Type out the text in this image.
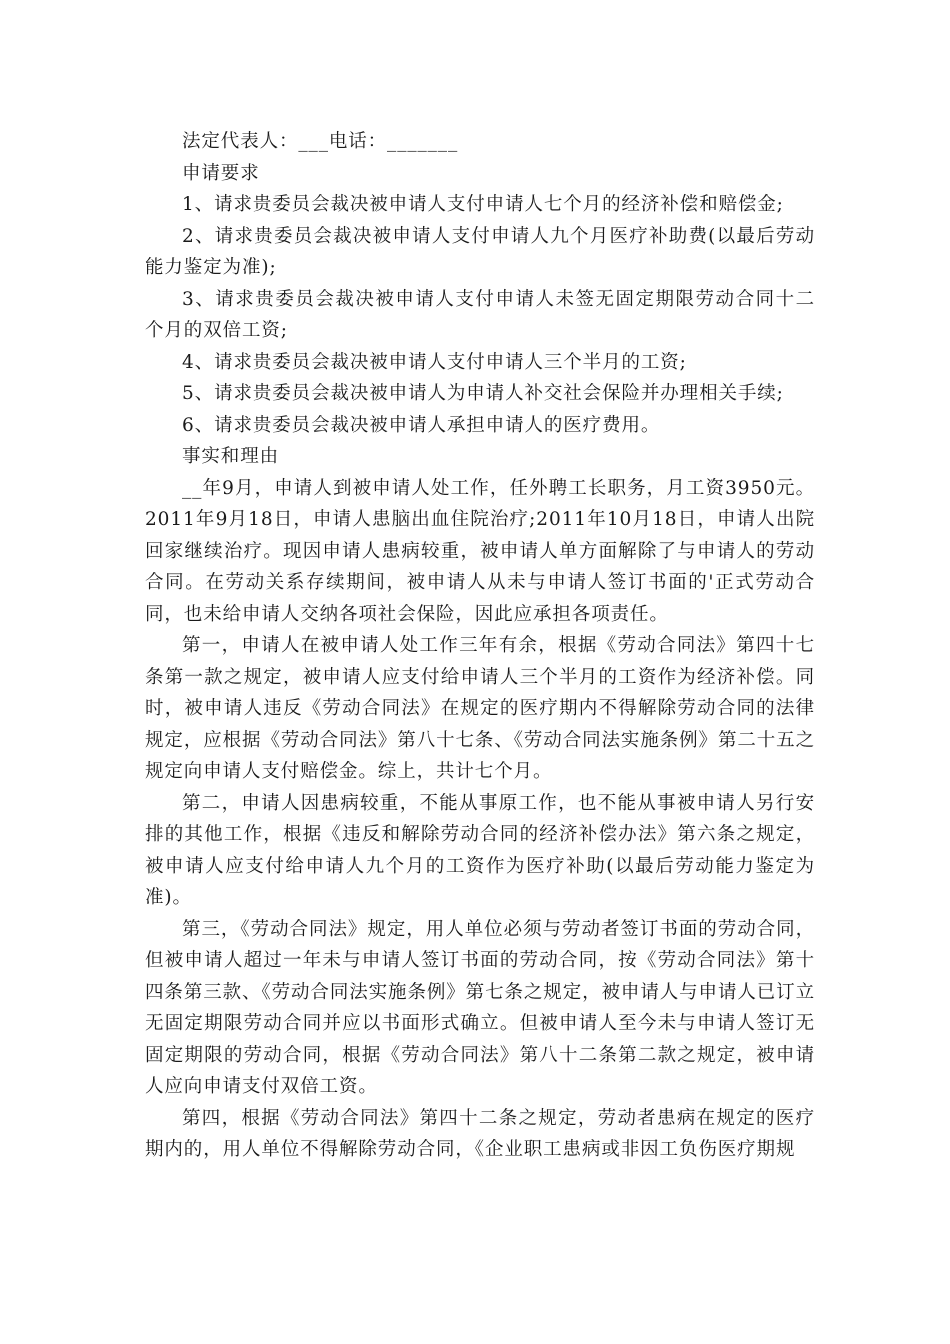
法定代表人：___电话：_______

申请要求

1、请求贵委员会裁决被申请人支付申请人七个月的经济补偿和赔偿金;

2、请求贵委员会裁决被申请人支付申请人九个月医疗补助费(以最后劳动能力鉴定为准);

3、请求贵委员会裁决被申请人支付申请人未签无固定期限劳动合同十二个月的双倍工资;

4、请求贵委员会裁决被申请人支付申请人三个半月的工资;

5、请求贵委员会裁决被申请人为申请人补交社会保险并办理相关手续;

6、请求贵委员会裁决被申请人承担申请人的医疗费用。

事实和理由

__年9月，申请人到被申请人处工作，任外聘工长职务，月工资3950元。2011年9月18日，申请人患脑出血住院治疗;2011年10月18日，申请人出院回家继续治疗。现因申请人患病较重，被申请人单方面解除了与申请人的劳动合同。在劳动关系存续期间，被申请人从未与申请人签订书面的'正式劳动合同，也未给申请人交纳各项社会保险，因此应承担各项责任。

第一，申请人在被申请人处工作三年有余，根据《劳动合同法》第四十七条第一款之规定，被申请人应支付给申请人三个半月的工资作为经济补偿。同时，被申请人违反《劳动合同法》在规定的医疗期内不得解除劳动合同的法律规定，应根据《劳动合同法》第八十七条、《劳动合同法实施条例》第二十五之规定向申请人支付赔偿金。综上，共计七个月。

第二，申请人因患病较重，不能从事原工作，也不能从事被申请人另行安排的其他工作，根据《违反和解除劳动合同的经济补偿办法》第六条之规定，被申请人应支付给申请人九个月的工资作为医疗补助(以最后劳动能力鉴定为准)。

第三，《劳动合同法》规定，用人单位必须与劳动者签订书面的劳动合同，但被申请人超过一年未与申请人签订书面的劳动合同，按《劳动合同法》第十四条第三款、《劳动合同法实施条例》第七条之规定，被申请人与申请人已订立无固定期限劳动合同并应以书面形式确立。但被申请人至今未与申请人签订无固定期限的劳动合同，根据《劳动合同法》第八十二条第二款之规定，被申请人应向申请支付双倍工资。

第四，根据《劳动合同法》第四十二条之规定，劳动者患病在规定的医疗期内的，用人单位不得解除劳动合同，《企业职工患病或非因工负伤医疗期规
